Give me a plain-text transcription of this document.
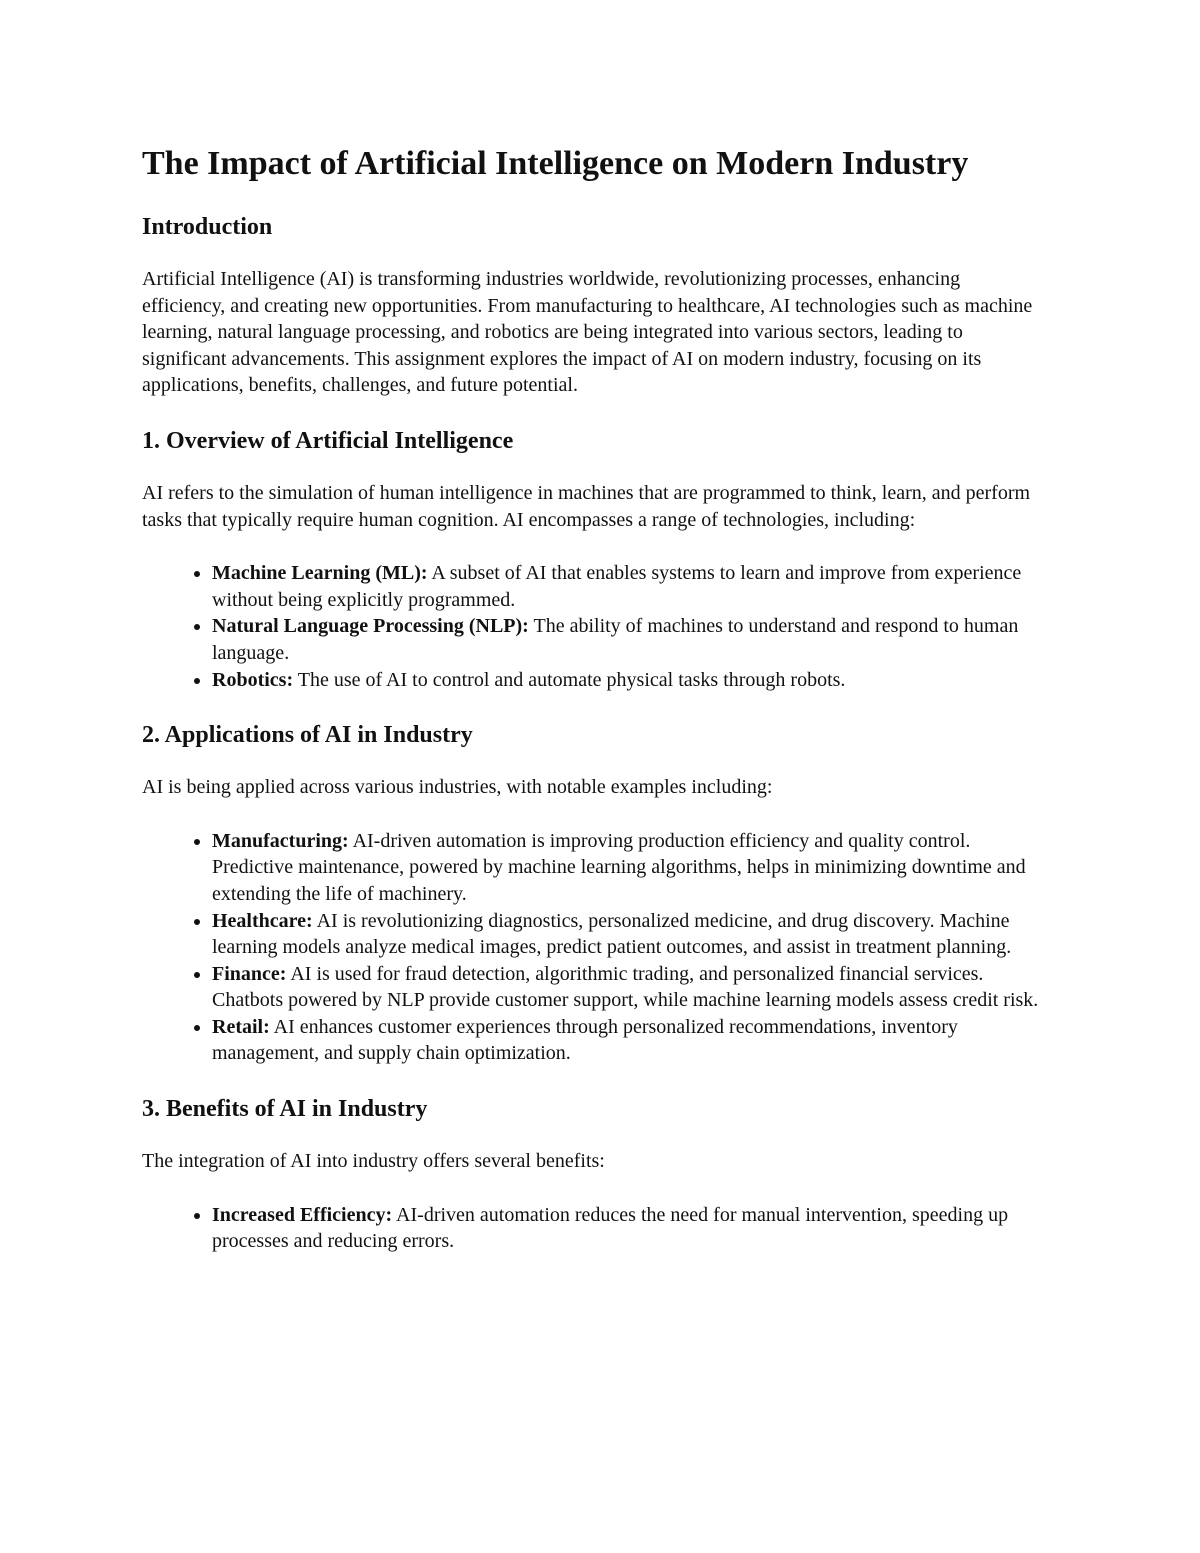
The Impact of Artificial Intelligence on Modern Industry
Introduction

Artificial Intelligence (AI) is transforming industries worldwide, revolutionizing processes, enhancing efficiency, and creating new opportunities. From manufacturing to healthcare, AI technologies such as machine learning, natural language processing, and robotics are being integrated into various sectors, leading to significant advancements. This assignment explores the impact of AI on modern industry, focusing on its applications, benefits, challenges, and future potential.

1. Overview of Artificial Intelligence

AI refers to the simulation of human intelligence in machines that are programmed to think, learn, and perform tasks that typically require human cognition. AI encompasses a range of technologies, including:

• Machine Learning (ML): A subset of AI that enables systems to learn and improve from experience without being explicitly programmed.
• Natural Language Processing (NLP): The ability of machines to understand and respond to human language.
• Robotics: The use of AI to control and automate physical tasks through robots.
2. Applications of AI in Industry

AI is being applied across various industries, with notable examples including:

• Manufacturing: AI-driven automation is improving production efficiency and quality control. Predictive maintenance, powered by machine learning algorithms, helps in minimizing downtime and extending the life of machinery.
• Healthcare: AI is revolutionizing diagnostics, personalized medicine, and drug discovery. Machine learning models analyze medical images, predict patient outcomes, and assist in treatment planning.
• Finance: AI is used for fraud detection, algorithmic trading, and personalized financial services. Chatbots powered by NLP provide customer support, while machine learning models assess credit risk.
• Retail: AI enhances customer experiences through personalized recommendations, inventory management, and supply chain optimization.
3. Benefits of AI in Industry

The integration of AI into industry offers several benefits:

• Increased Efficiency: AI-driven automation reduces the need for manual intervention, speeding up processes and reducing errors.
